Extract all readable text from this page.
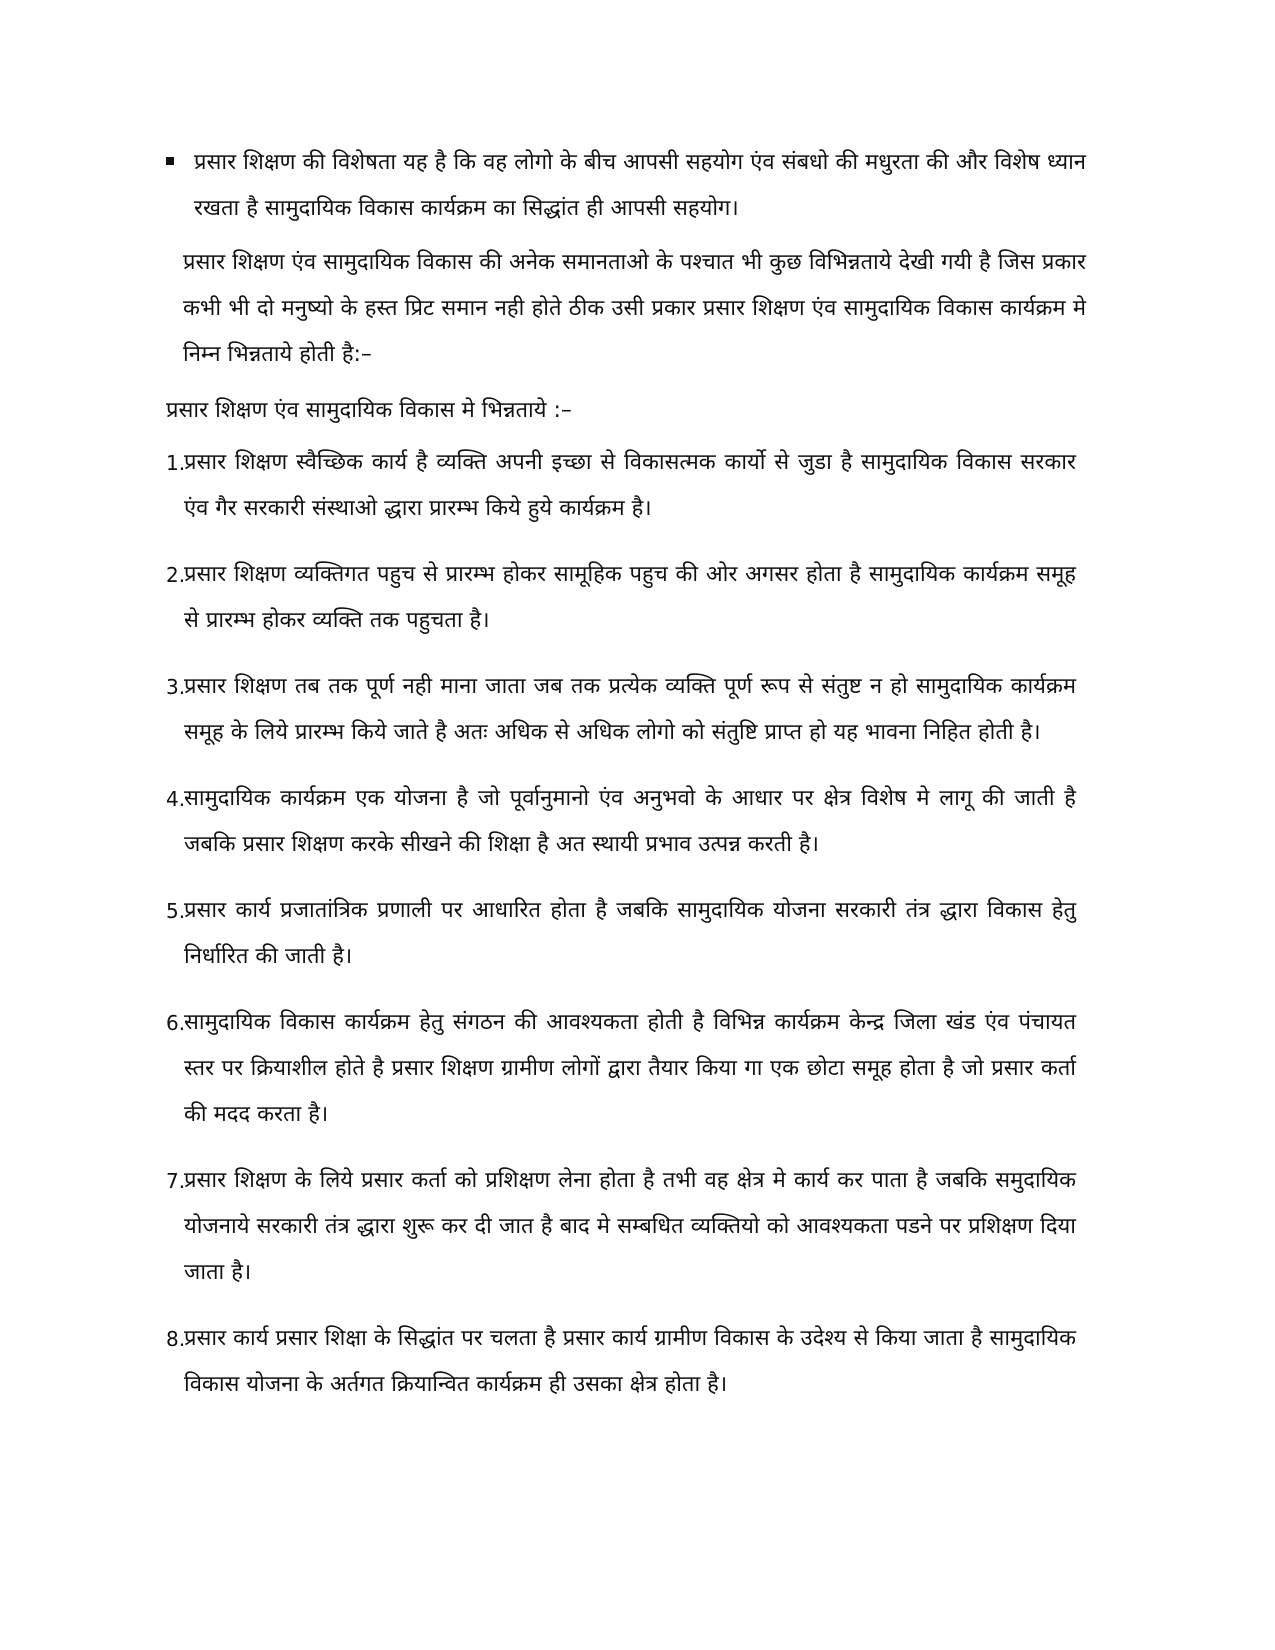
प्रसार शिक्षण की विशेषता यह है कि वह लोगो के बीच आपसी सहयोग एंव संबधो की मधुरता की और विशेष ध्यान रखता है सामुदायिक विकास कार्यक्रम का सिद्धांत ही आपसी सहयोग।
प्रसार शिक्षण एंव सामुदायिक विकास की अनेक समानताओ के पश्चात भी कुछ विभिन्नताये देखी गयी है जिस प्रकार कभी भी दो मनुष्यो के हस्त प्रिट समान नही होते ठीक उसी प्रकार प्रसार शिक्षण एंव सामुदायिक विकास कार्यक्रम मे निम्न भिन्नताये होती है:–
प्रसार शिक्षण एंव सामुदायिक विकास मे भिन्नताये :–
1.
प्रसार शिक्षण स्वैच्छिक कार्य है व्यक्ति अपनी इच्छा से विकासत्मक कार्यो से जुडा है सामुदायिक विकास सरकार एंव गैर सरकारी संस्थाओ द्धारा प्रारम्भ किये हुये कार्यक्रम है।
2.
प्रसार शिक्षण व्यक्तिगत पहुच से प्रारम्भ होकर सामूहिक पहुच की ओर अगसर होता है सामुदायिक कार्यक्रम समूह से प्रारम्भ होकर व्यक्ति तक पहुचता है।
3.
प्रसार शिक्षण तब तक पूर्ण नही माना जाता जब तक प्रत्येक व्यक्ति पूर्ण रूप से संतुष्ट न हो सामुदायिक कार्यक्रम समूह के लिये प्रारम्भ किये जाते है अतः अधिक से अधिक लोगो को संतुष्टि प्राप्त हो यह भावना निहित होती है।
4.
सामुदायिक कार्यक्रम एक योजना है जो पूर्वानुमानो एंव अनुभवो के आधार पर क्षेत्र विशेष मे लागू की जाती है जबकि प्रसार शिक्षण करके सीखने की शिक्षा है अत स्थायी प्रभाव उत्पन्न करती है।
5.
प्रसार कार्य प्रजातांत्रिक प्रणाली पर आधारित होता है जबकि सामुदायिक योजना सरकारी तंत्र द्धारा विकास हेतु निर्धारित की जाती है।
6.
सामुदायिक विकास कार्यक्रम हेतु संगठन की आवश्यकता होती है विभिन्न कार्यक्रम केन्द्र जिला खंड एंव पंचायत स्तर पर क्रियाशील होते है प्रसार शिक्षण ग्रामीण लोगों द्वारा तैयार किया गा एक छोटा समूह होता है जो प्रसार कर्ता की मदद करता है।
7.
प्रसार शिक्षण के लिये प्रसार कर्ता को प्रशिक्षण लेना होता है तभी वह क्षेत्र मे कार्य कर पाता है जबकि समुदायिक योजनाये सरकारी तंत्र द्धारा शुरू कर दी जात है बाद मे सम्बधित व्यक्तियो को आवश्यकता पडने पर प्रशिक्षण दिया जाता है।
8.
प्रसार कार्य प्रसार शिक्षा के सिद्धांत पर चलता है प्रसार कार्य ग्रामीण विकास के उदेश्य से किया जाता है सामुदायिक विकास योजना के अर्तगत क्रियान्वित कार्यक्रम ही उसका क्षेत्र होता है।
